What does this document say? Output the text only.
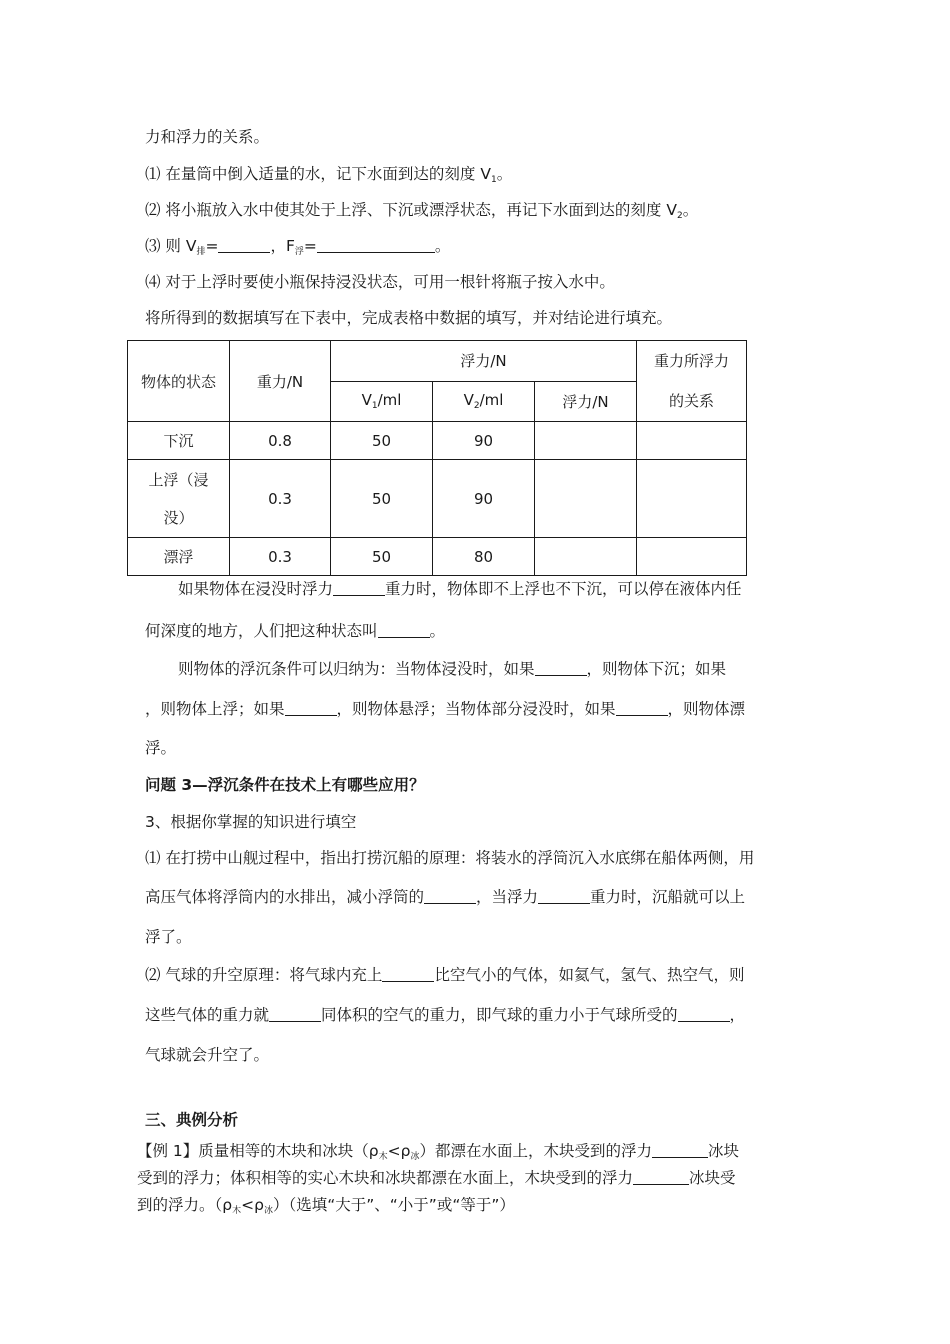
力和浮力的关系。
⑴ 在量筒中倒入适量的水，记下水面到达的刻度 $V_1$。
⑵ 将小瓶放入水中使其处于上浮、下沉或漂浮状态，再记下水面到达的刻度 $V_2$。
⑶ 则 $V_排=$	，$F_浮=$	。
⑷ 对于上浮时要使小瓶保持浸没状态，可用一根针将瓶子按入水中。
将所得到的数据填写在下表中，完成表格中数据的填写，并对结论进行填充。
物体的状态	重力/N	浮力/N			重力所浮力
的关系
		$V_1/ml$	$V_2/ml$	浮力/N	
下沉	0.8	50	90		
上浮（浸
没）	0.3	50	90		
漂浮	0.3	50	80		
如果物体在浸没时浮力	重力时，物体即不上浮也不下沉，可以停在液体内任
何深度的地方，人们把这种状态叫	。
则物体的浮沉条件可以归纳为：当物体浸没时，如果	，则物体下沉；如果
，则物体上浮；如果	，则物体悬浮；当物体部分浸没时，如果	，则物体漂
浮。
问题 3—浮沉条件在技术上有哪些应用？
3、根据你掌握的知识进行填空
⑴ 在打捞中山舰过程中，指出打捞沉船的原理：将装水的浮筒沉入水底绑在船体两侧，用
高压气体将浮筒内的水排出，减小浮筒的	，当浮力	重力时，沉船就可以上
浮了。
⑵ 气球的升空原理：将气球内充上	比空气小的气体，如氦气，氢气、热空气，则
这些气体的重力就	同体积的空气的重力，即气球的重力小于气球所受的	，
气球就会升空了。
三、典例分析
【例 1】质量相等的木块和冰块$(\rho_木<\rho_冰)$都漂在水面上，木块受到的浮力	冰块
受到的浮力；体积相等的实心木块和冰块都漂在水面上，木块受到的浮力	冰块受
到的浮力。$(\rho_木<\rho_冰)$（选填“大于”、“小于”或“等于”）
